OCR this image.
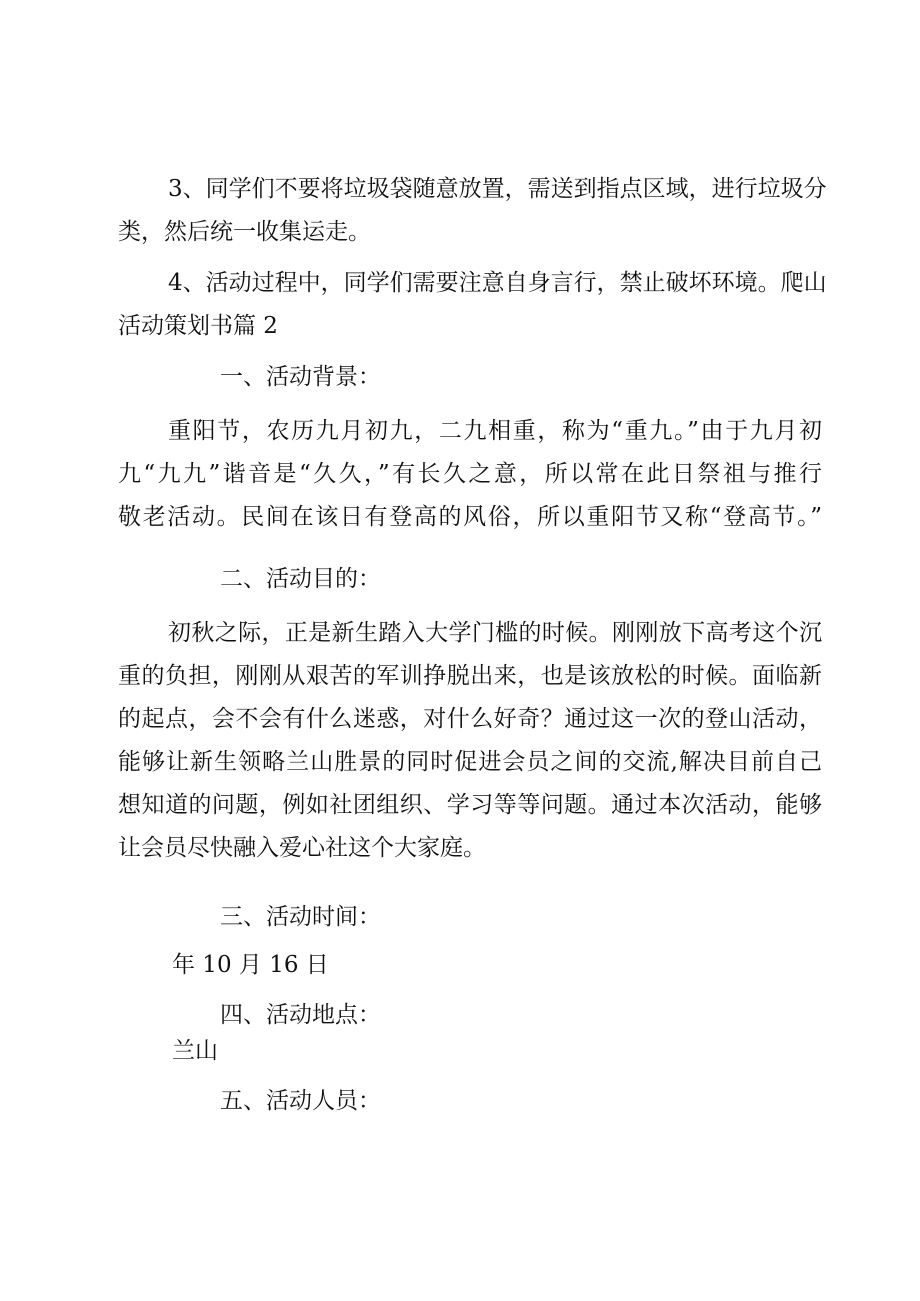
3、同学们不要将垃圾袋随意放置，需送到指点区域，进行垃圾分
类，然后统一收集运走。
4、活动过程中，同学们需要注意自身言行，禁止破坏环境。爬山
活动策划书篇 2
一、活动背景：
重阳节，农历九月初九，二九相重，称为“重九。”由于九月初
九“九九”谐音是“久久，”有长久之意，所以常在此日祭祖与推行
敬老活动。民间在该日有登高的风俗，所以重阳节又称“登高节。”
二、活动目的：
初秋之际，正是新生踏入大学门槛的时候。刚刚放下高考这个沉
重的负担，刚刚从艰苦的军训挣脱出来，也是该放松的时候。面临新
的起点，会不会有什么迷惑，对什么好奇？通过这一次的登山活动，
能够让新生领略兰山胜景的同时促进会员之间的交流,解决目前自己
想知道的问题，例如社团组织、学习等等问题。通过本次活动，能够
让会员尽快融入爱心社这个大家庭。
三、活动时间：
年 10 月 16 日
四、活动地点：
兰山
五、活动人员：
